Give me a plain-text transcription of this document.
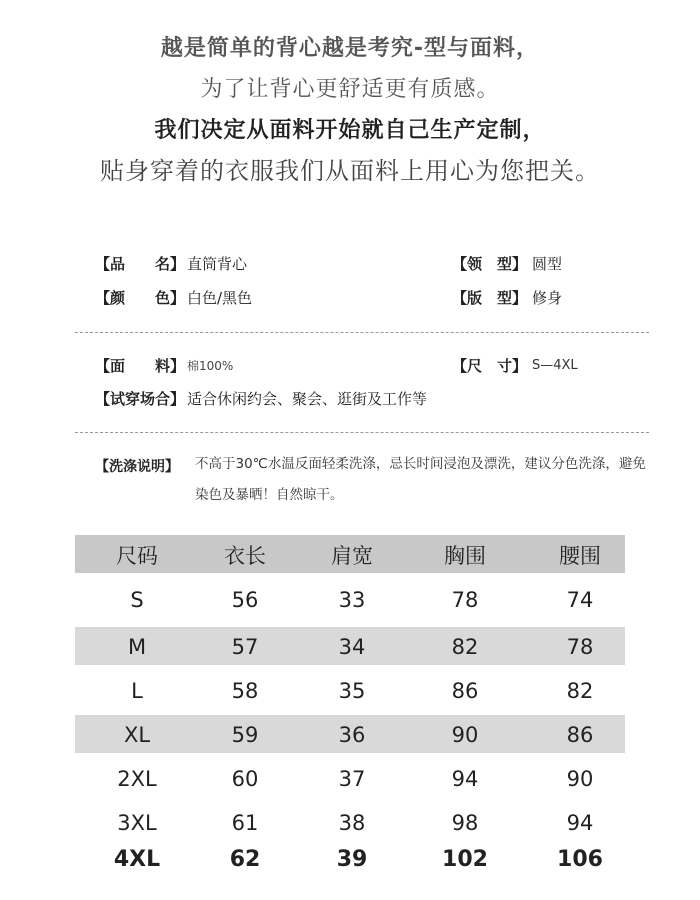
越是简单的背心越是考究-型与面料，
为了让背心更舒适更有质感。
我们决定从面料开始就自己生产定制，
贴身穿着的衣服我们从面料上用心为您把关。
【品　　名】 直筒背心	【领　型】 圆型
【颜　　色】 白色/黑色	【版　型】 修身
【面　　料】 棉100%	【尺　寸】 S—4XL
【试穿场合】 适合休闲约会、聚会、逛街及工作等
【洗涤说明】 不高于30℃水温反面轻柔洗涤，忌长时间浸泡及漂洗，建议分色洗涤，避免染色及暴晒！自然晾干。
尺码	衣长	肩宽	胸围	腰围
S	56	33	78	74
M	57	34	82	78
L	58	35	86	82
XL	59	36	90	86
2XL	60	37	94	90
3XL	61	38	98	94
4XL	62	39	102	106
